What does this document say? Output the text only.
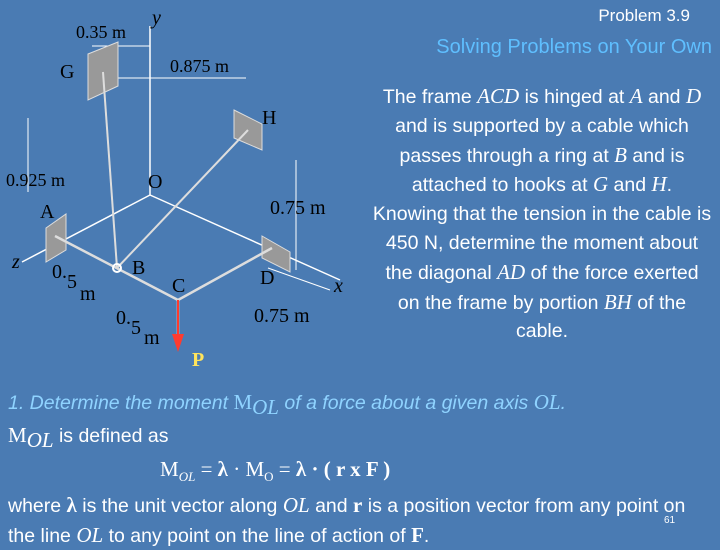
Problem 3.9
Solving Problems on Your Own
y
z
x
G
H
O
A
B
C	D
P
0.35 m
0.875 m
0.925 m
0.75 m
0.75 m
0. 5
m
0. 5 m
The frame ACD is hinged at A and D and is supported by a cable which passes through a ring at B and is attached to hooks at G and H. Knowing that the tension in the cable is 450 N, determine the moment about the diagonal AD of the force exerted on the frame by portion BH of the cable.
1. Determine the moment $M_{OL}$ of a force about a given axis OL.
$M_{OL}$ is defined as
$M_{OL} = \lambda \cdot M_O = \lambda$ · ( r x F )
where λ is the unit vector along OL and r is a position vector from any point on the line OL to any point on the line of action of F.
61
